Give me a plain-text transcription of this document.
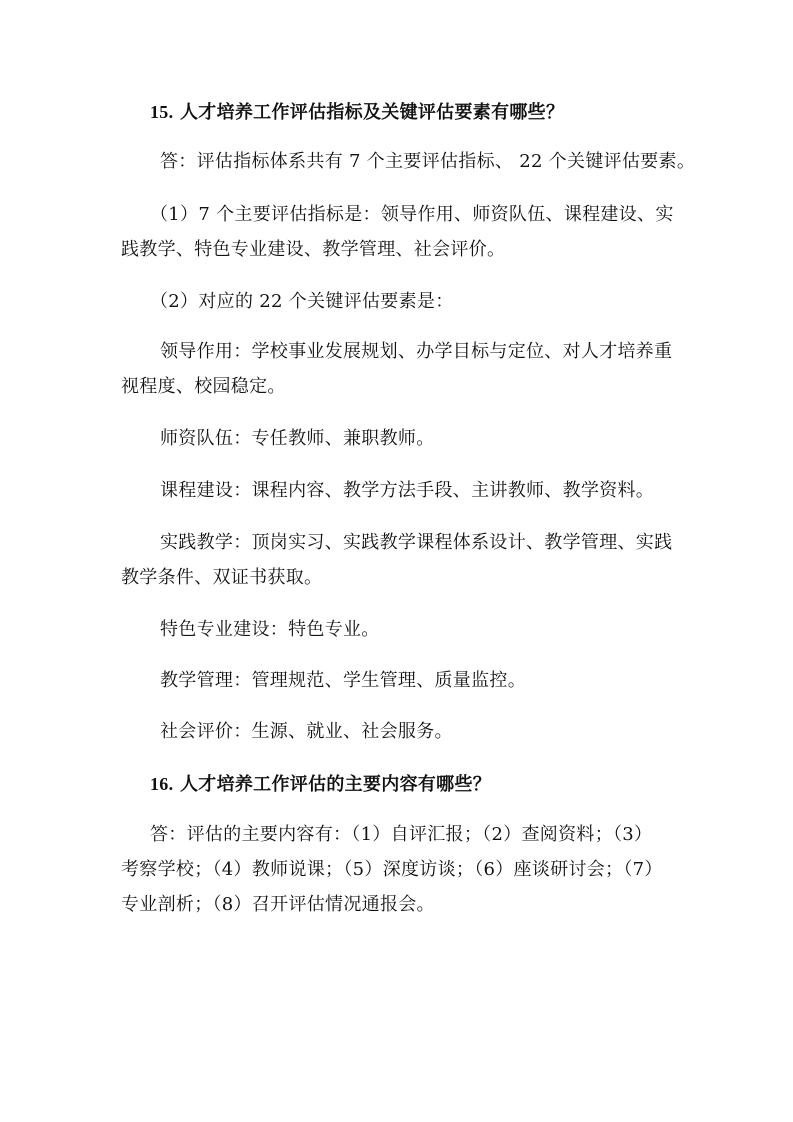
15. 人才培养工作评估指标及关键评估要素有哪些？
答：评估指标体系共有 7 个主要评估指标、 22 个关键评估要素。
（1）7 个主要评估指标是：领导作用、师资队伍、课程建设、实
践教学、特色专业建设、教学管理、社会评价。
（2）对应的 22 个关键评估要素是：
领导作用：学校事业发展规划、办学目标与定位、对人才培养重
视程度、校园稳定。
师资队伍：专任教师、兼职教师。
课程建设：课程内容、教学方法手段、主讲教师、教学资料。
实践教学：顶岗实习、实践教学课程体系设计、教学管理、实践
教学条件、双证书获取。
特色专业建设：特色专业。
教学管理：管理规范、学生管理、质量监控。
社会评价：生源、就业、社会服务。
16. 人才培养工作评估的主要内容有哪些？
答：评估的主要内容有：（1）自评汇报；（2）查阅资料；（3）
考察学校；（4）教师说课；（5）深度访谈；（6）座谈研讨会；（7）
专业剖析；（8）召开评估情况通报会。
